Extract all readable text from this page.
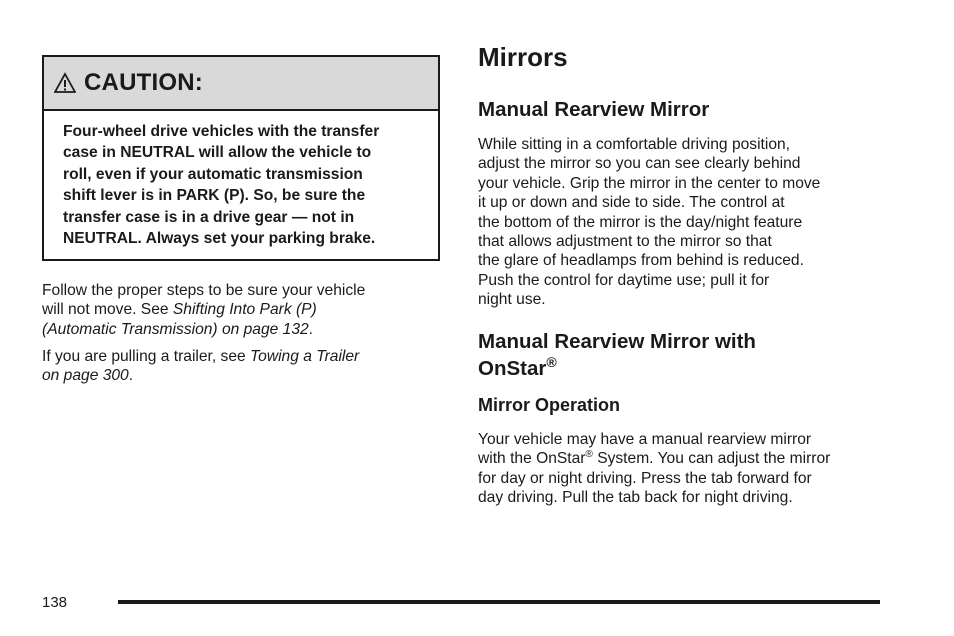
CAUTION:
Four-wheel drive vehicles with the transfer
case in NEUTRAL will allow the vehicle to
roll, even if your automatic transmission
shift lever is in PARK (P). So, be sure the
transfer case is in a drive gear — not in
NEUTRAL. Always set your parking brake.

Follow the proper steps to be sure your vehicle

will not move. See Shifting Into Park (P)

(Automatic Transmission) on page 132.

If you are pulling a trailer, see Towing a Trailer

on page 300.

Mirrors
Manual Rearview Mirror

While sitting in a comfortable driving position,

adjust the mirror so you can see clearly behind

your vehicle. Grip the mirror in the center to move

it up or down and side to side. The control at

the bottom of the mirror is the day/night feature

that allows adjustment to the mirror so that

the glare of headlamps from behind is reduced.

Push the control for daytime use; pull it for

night use.

Manual Rearview Mirror with
OnStar®
Mirror Operation

Your vehicle may have a manual rearview mirror

with the OnStar® System. You can adjust the mirror

for day or night driving. Press the tab forward for

day driving. Pull the tab back for night driving.

138
